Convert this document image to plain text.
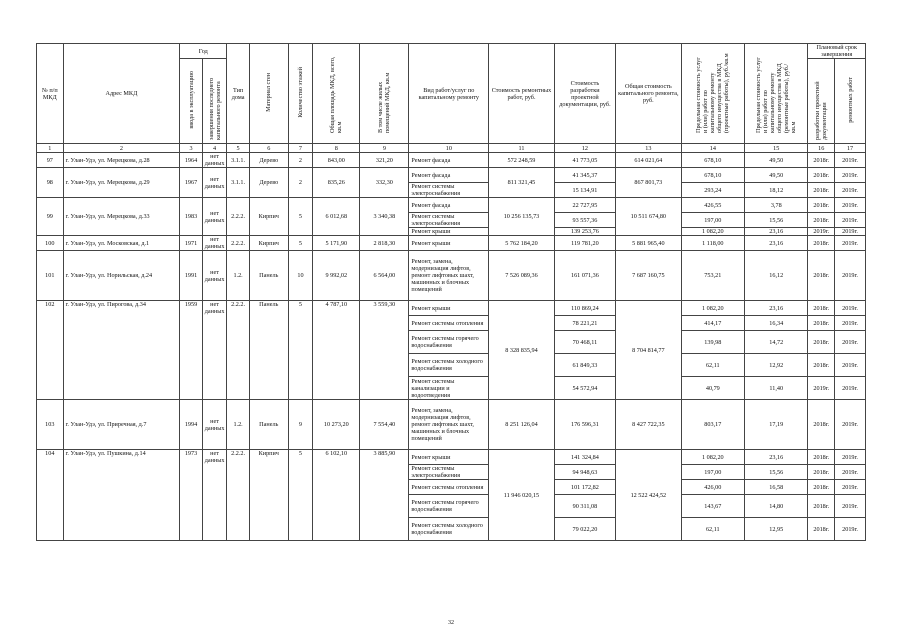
№ п/п МКД	Адрес МКД	Год		Тип дома	Материал стен	Количество этажей	Общая площадь МКД, всего, кв.м	В том числе жилых помещений МКД, кв.м	Вид работ/услуг по капитальному ремонту	Стоимость ремонтных работ, руб.	Стоимость разработки проектной документации, руб.	Общая стоимость капитального ремонта, руб.	Предельная стоимость услуг и (или) работ по капитальному ремонту общего имущества в МКД (проектные работы), руб./кв.м	Предельная стоимость услуг и (или) работ по капитальному ремонту общего имущества в МКД (ремонтные работы), руб./кв.м	Плановый срок завершения	
		ввода в эксплуатацию	завершения последнего капитального ремонта												разработки проектной документации	ремонтных работ
1	2	3	4	5	6	7	8	9	10	11	12	13	14	15	16	17
97	г. Улан-Удэ, ул. Мерецкова, д.28	1964	нет данных	3.1.1.	Дерево	2	843,00	321,20	Ремонт фасада	572 248,59	41 773,05	614 021,64	678,10	49,50	2018г.	2019г.
98	г. Улан-Удэ, ул. Мерецкова, д.29	1967	нет данных	3.1.1.	Дерево	2	835,26	332,30	Ремонт фасада	811 321,45	41 345,37	867 801,73	678,10	49,50	2018г.	2019г.
									Ремонт системы электроснабжения		15 134,91		293,24	18,12	2018г.	2019г.
99	г. Улан-Удэ, ул. Мерецкова, д.33	1983	нет данных	2.2.2.	Кирпич	5	6 012,68	3 340,38	Ремонт фасада	10 256 135,73	22 727,95	10 511 674,80	426,55	3,78	2018г.	2019г.
									Ремонт системы электроснабжения		93 557,36		197,00	15,56	2018г.	2019г.
									Ремонт крыши		139 253,76		1 082,20	23,16	2019г.	2019г.
100	г. Улан-Удэ, ул. Московская, д.1	1971	нет данных	2.2.2.	Кирпич	5	5 171,90	2 818,30	Ремонт крыши	5 762 184,20	119 781,20	5 881 965,40	1 118,00	23,16	2018г.	2019г.
101	г. Улан-Удэ, ул. Норильская, д.24	1991	нет данных	1.2.	Панель	10	9 992,02	6 564,00	Ремонт, замена, модернизация лифтов, ремонт лифтовых шахт, машинных и блочных помещений	7 526 089,36	161 071,36	7 687 160,75	753,21	16,12	2018г.	2019г.
102	г. Улан-Удэ, ул. Пирогова, д.34	1959	нет данных	2.2.2.	Панель	5	4 787,10	3 559,30	Ремонт крыши	8 328 835,94	110 869,24	8 704 814,77	1 082,20	23,16	2018г.	2019г.
									Ремонт системы отопления		78 221,21		414,17	16,34	2018г.	2019г.
									Ремонт системы горячего водоснабжения		70 468,11		139,98	14,72	2018г.	2019г.
									Ремонт системы холодного водоснабжения		61 849,33		62,11	12,92	2018г.	2019г.
									Ремонт системы канализации и водоотведения		54 572,94		40,79	11,40	2019г.	2019г.
103	г. Улан-Удэ, ул. Приречная, д.7	1994	нет данных	1.2.	Панель	9	10 273,20	7 554,40	Ремонт, замена, модернизация лифтов, ремонт лифтовых шахт, машинных и блочных помещений	8 251 126,04	176 596,31	8 427 722,35	803,17	17,19	2018г.	2019г.
104	г. Улан-Удэ, ул. Пушкина, д.14	1973	нет данных	2.2.2.	Кирпич	5	6 102,10	3 885,90	Ремонт крыши	11 946 020,15	141 324,84	12 522 424,52	1 082,20	23,16	2018г.	2019г.
									Ремонт системы электроснабжения		94 948,63		197,00	15,56	2018г.	2019г.
									Ремонт системы отопления		101 172,82		426,00	16,58	2018г.	2019г.
									Ремонт системы горячего водоснабжения		90 311,08		143,67	14,80	2018г.	2019г.
									Ремонт системы холодного водоснабжения		79 022,20		62,11	12,95	2018г.	2019г.
32
